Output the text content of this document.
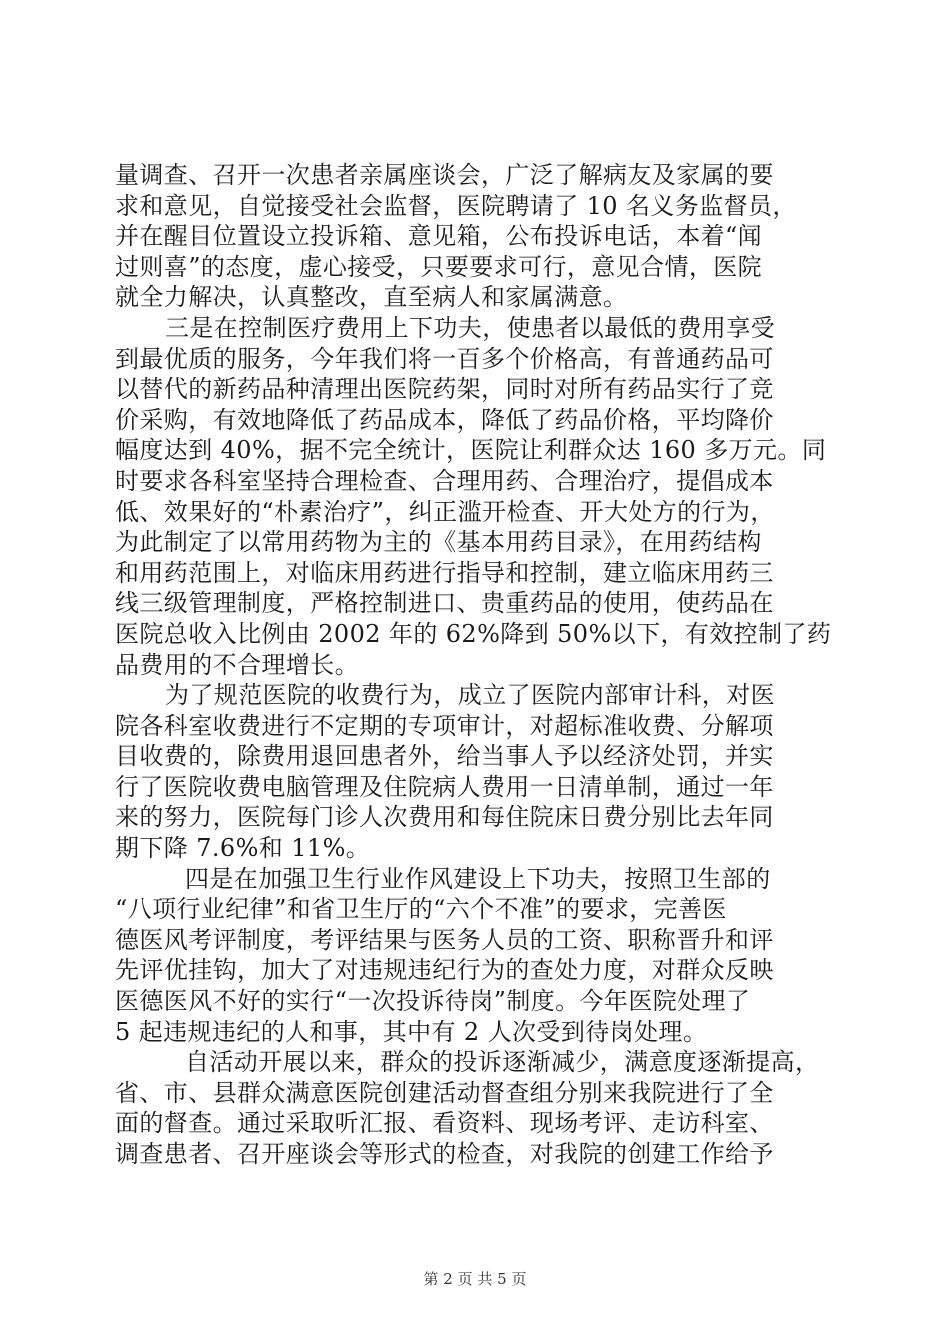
量调查、召开一次患者亲属座谈会，广泛了解病友及家属的要
求和意见，自觉接受社会监督，医院聘请了 10 名义务监督员，
并在醒目位置设立投诉箱、意见箱，公布投诉电话，本着“闻
过则喜”的态度，虚心接受，只要要求可行，意见合情，医院
就全力解决，认真整改，直至病人和家属满意。
三是在控制医疗费用上下功夫，使患者以最低的费用享受
到最优质的服务，今年我们将一百多个价格高，有普通药品可
以替代的新药品种清理出医院药架，同时对所有药品实行了竞
价采购，有效地降低了药品成本，降低了药品价格，平均降价
幅度达到 40%，据不完全统计，医院让利群众达 160 多万元。同
时要求各科室坚持合理检查、合理用药、合理治疗，提倡成本
低、效果好的“朴素治疗”，纠正滥开检查、开大处方的行为，
为此制定了以常用药物为主的《基本用药目录》，在用药结构
和用药范围上，对临床用药进行指导和控制，建立临床用药三
线三级管理制度，严格控制进口、贵重药品的使用，使药品在
医院总收入比例由 2002 年的 62%降到 50%以下，有效控制了药
品费用的不合理增长。
为了规范医院的收费行为，成立了医院内部审计科，对医
院各科室收费进行不定期的专项审计，对超标准收费、分解项
目收费的，除费用退回患者外，给当事人予以经济处罚，并实
行了医院收费电脑管理及住院病人费用一日清单制，通过一年
来的努力，医院每门诊人次费用和每住院床日费分别比去年同
期下降 7.6%和 11%。
四是在加强卫生行业作风建设上下功夫，按照卫生部的
“八项行业纪律”和省卫生厅的“六个不准”的要求，完善医
德医风考评制度，考评结果与医务人员的工资、职称晋升和评
先评优挂钩，加大了对违规违纪行为的查处力度，对群众反映
医德医风不好的实行“一次投诉待岗”制度。今年医院处理了
5 起违规违纪的人和事，其中有 2 人次受到待岗处理。
自活动开展以来，群众的投诉逐渐减少，满意度逐渐提高，
省、市、县群众满意医院创建活动督查组分别来我院进行了全
面的督查。通过采取听汇报、看资料、现场考评、走访科室、
调查患者、召开座谈会等形式的检查，对我院的创建工作给予
第 2 页 共 5 页
